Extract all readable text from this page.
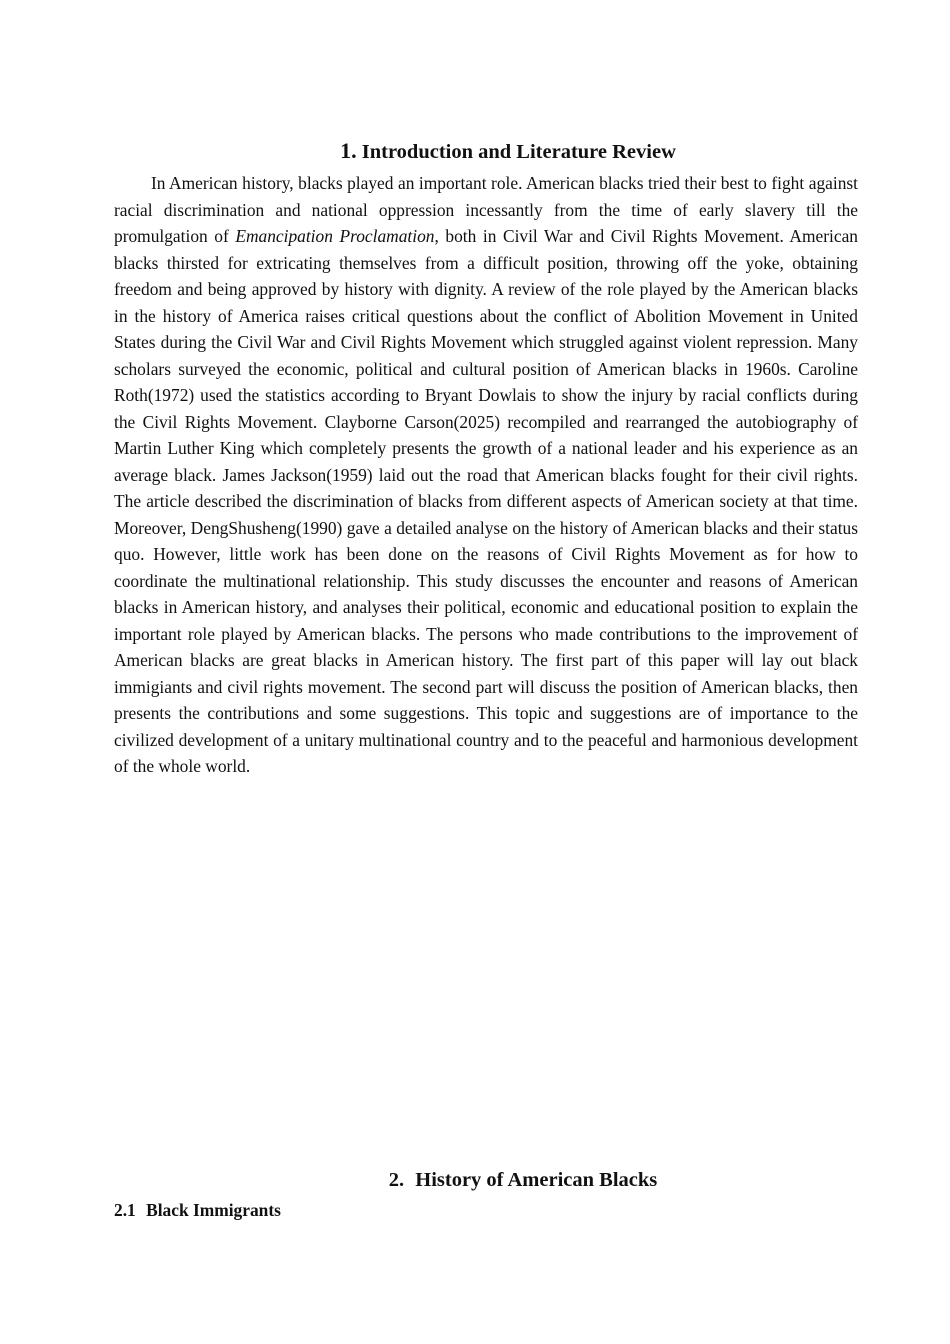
1. Introduction and Literature Review

In American history, blacks played an important role. American blacks tried their best to fight against racial discrimination and national oppression incessantly from the time of early slavery till the promulgation of Emancipation Proclamation, both in Civil War and Civil Rights Movement. American blacks thirsted for extricating themselves from a difficult position, throwing off the yoke, obtaining freedom and being approved by history with dignity. A review of the role played by the American blacks in the history of America raises critical questions about the conflict of Abolition Movement in United States during the Civil War and Civil Rights Movement which struggled against violent repression. Many scholars surveyed the economic, political and cultural position of American blacks in 1960s. Caroline Roth(1972) used the statistics according to Bryant Dowlais to show the injury by racial conflicts during the Civil Rights Movement. Clayborne Carson(2025) recompiled and rearranged the autobiography of Martin Luther King which completely presents the growth of a national leader and his experience as an average black. James Jackson(1959) laid out the road that American blacks fought for their civil rights. The article described the discrimination of blacks from different aspects of American society at that time. Moreover, DengShusheng(1990) gave a detailed analyse on the history of American blacks and their status quo. However, little work has been done on the reasons of Civil Rights Movement as for how to coordinate the multinational relationship. This study discusses the encounter and reasons of American blacks in American history, and analyses their political, economic and educational position to explain the important role played by American blacks. The persons who made contributions to the improvement of American blacks are great blacks in American history. The first part of this paper will lay out black immigiants and civil rights movement. The second part will discuss the position of American blacks, then presents the contributions and some suggestions. This topic and suggestions are of importance to the civilized development of a unitary multinational country and to the peaceful and harmonious development of the whole world.

2. History of American Blacks
2.1 Black Immigrants
